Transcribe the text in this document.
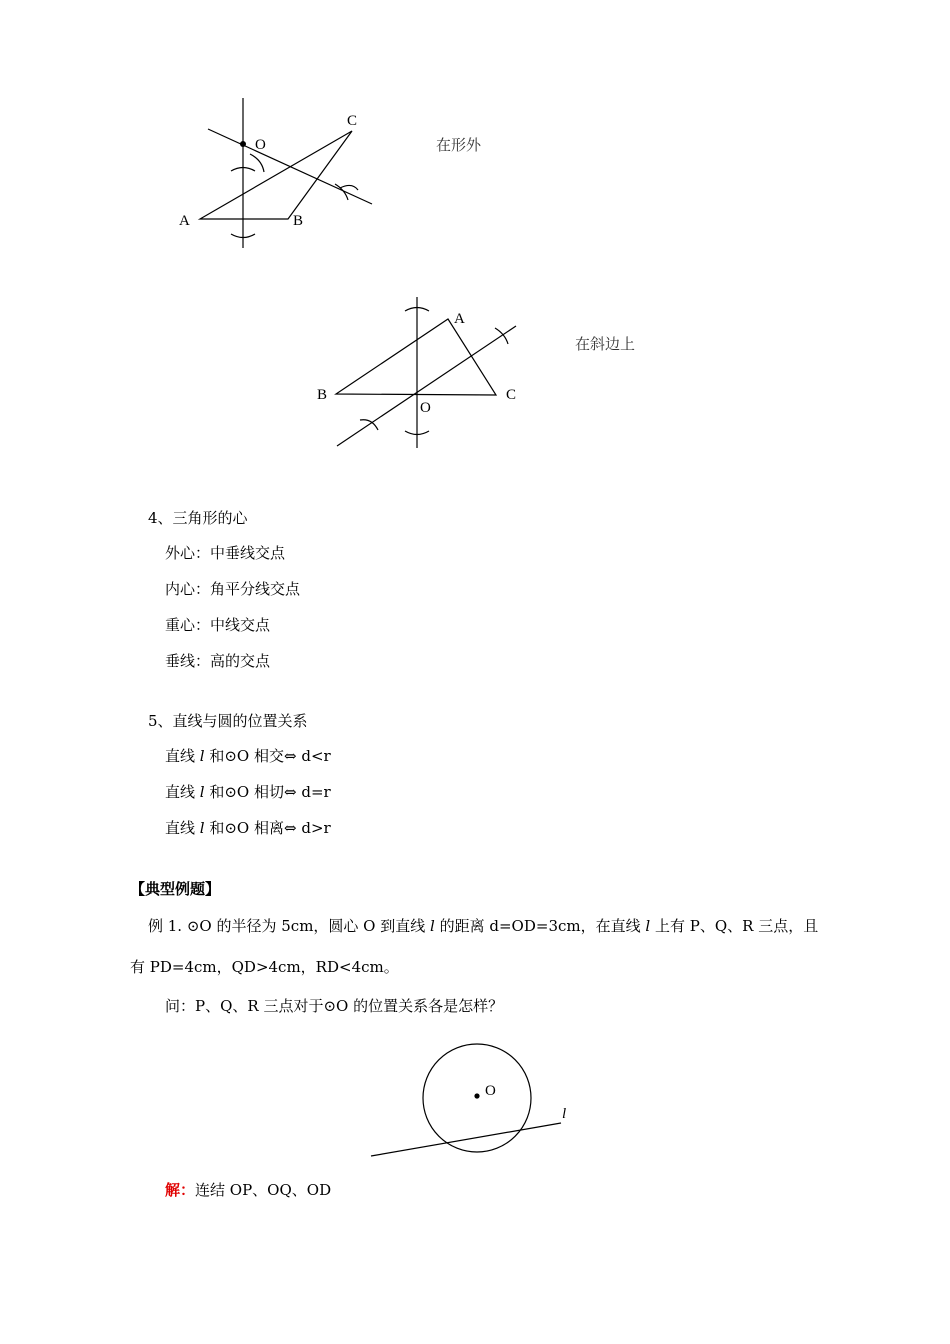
A	B
C
O	在形外
A
B	C
O
在斜边上
4、三角形的心
外心：中垂线交点
内心：角平分线交点
重心：中线交点
垂线：高的交点
5、直线与圆的位置关系
直线 l 和⊙O 相交⇔ d<r
直线 l 和⊙O 相切⇔ d=r
直线 l 和⊙O 相离⇔ d>r
【典型例题】
例 1. ⊙O 的半径为 5cm，圆心 O 到直线 l 的距离 d=OD=3cm，在直线 l 上有 P、Q、R 三点，且
有 PD=4cm，QD>4cm，RD<4cm。
问：P、Q、R 三点对于⊙O 的位置关系各是怎样？
O
l
解：连结 OP、OQ、OD
